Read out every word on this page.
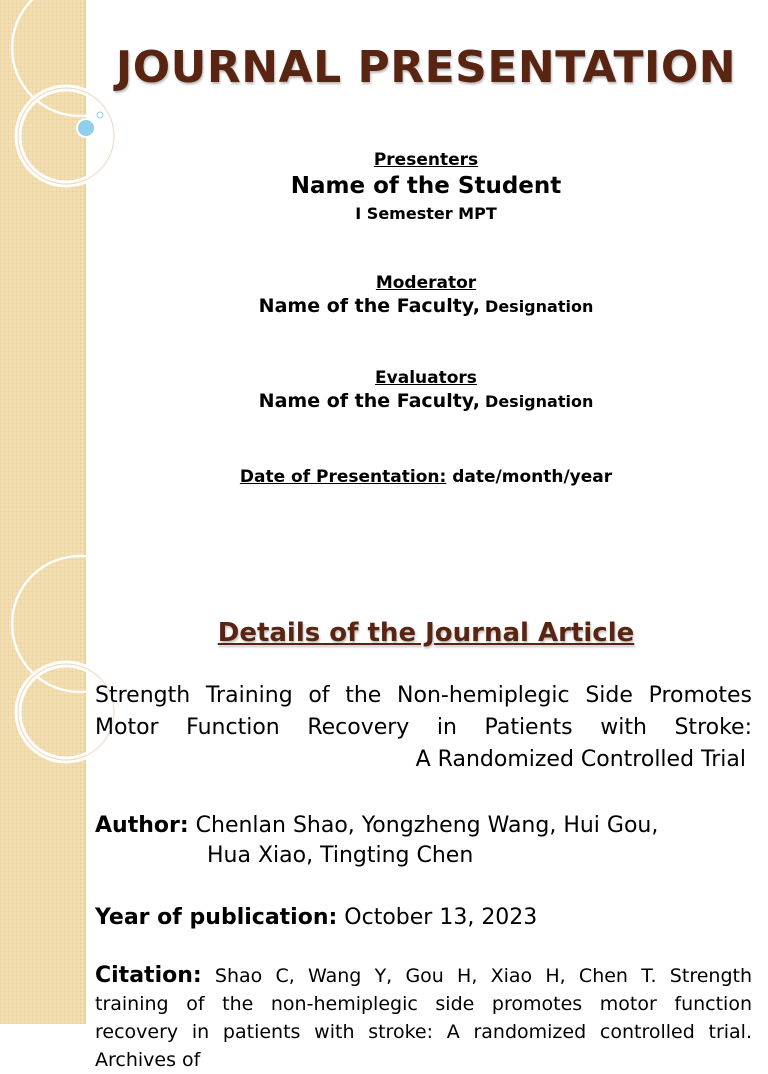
JOURNAL PRESENTATION
Presenters
Name of the Student
I Semester MPT
Moderator
Name of the Faculty, Designation
Evaluators
Name of the Faculty, Designation
Date of Presentation: date/month/year
Details of the Journal Article
Strength Training of the Non-hemiplegic Side Promotes
Motor Function Recovery in Patients with Stroke:
A Randomized Controlled Trial
Author: Chenlan Shao, Yongzheng Wang, Hui Gou,
Hua Xiao, Tingting Chen
Year of publication: October 13, 2023
Citation: Shao C, Wang Y, Gou H, Xiao H, Chen T. Strength training of the non-hemiplegic side promotes motor function recovery in patients with stroke: A randomized controlled trial. Archives of
